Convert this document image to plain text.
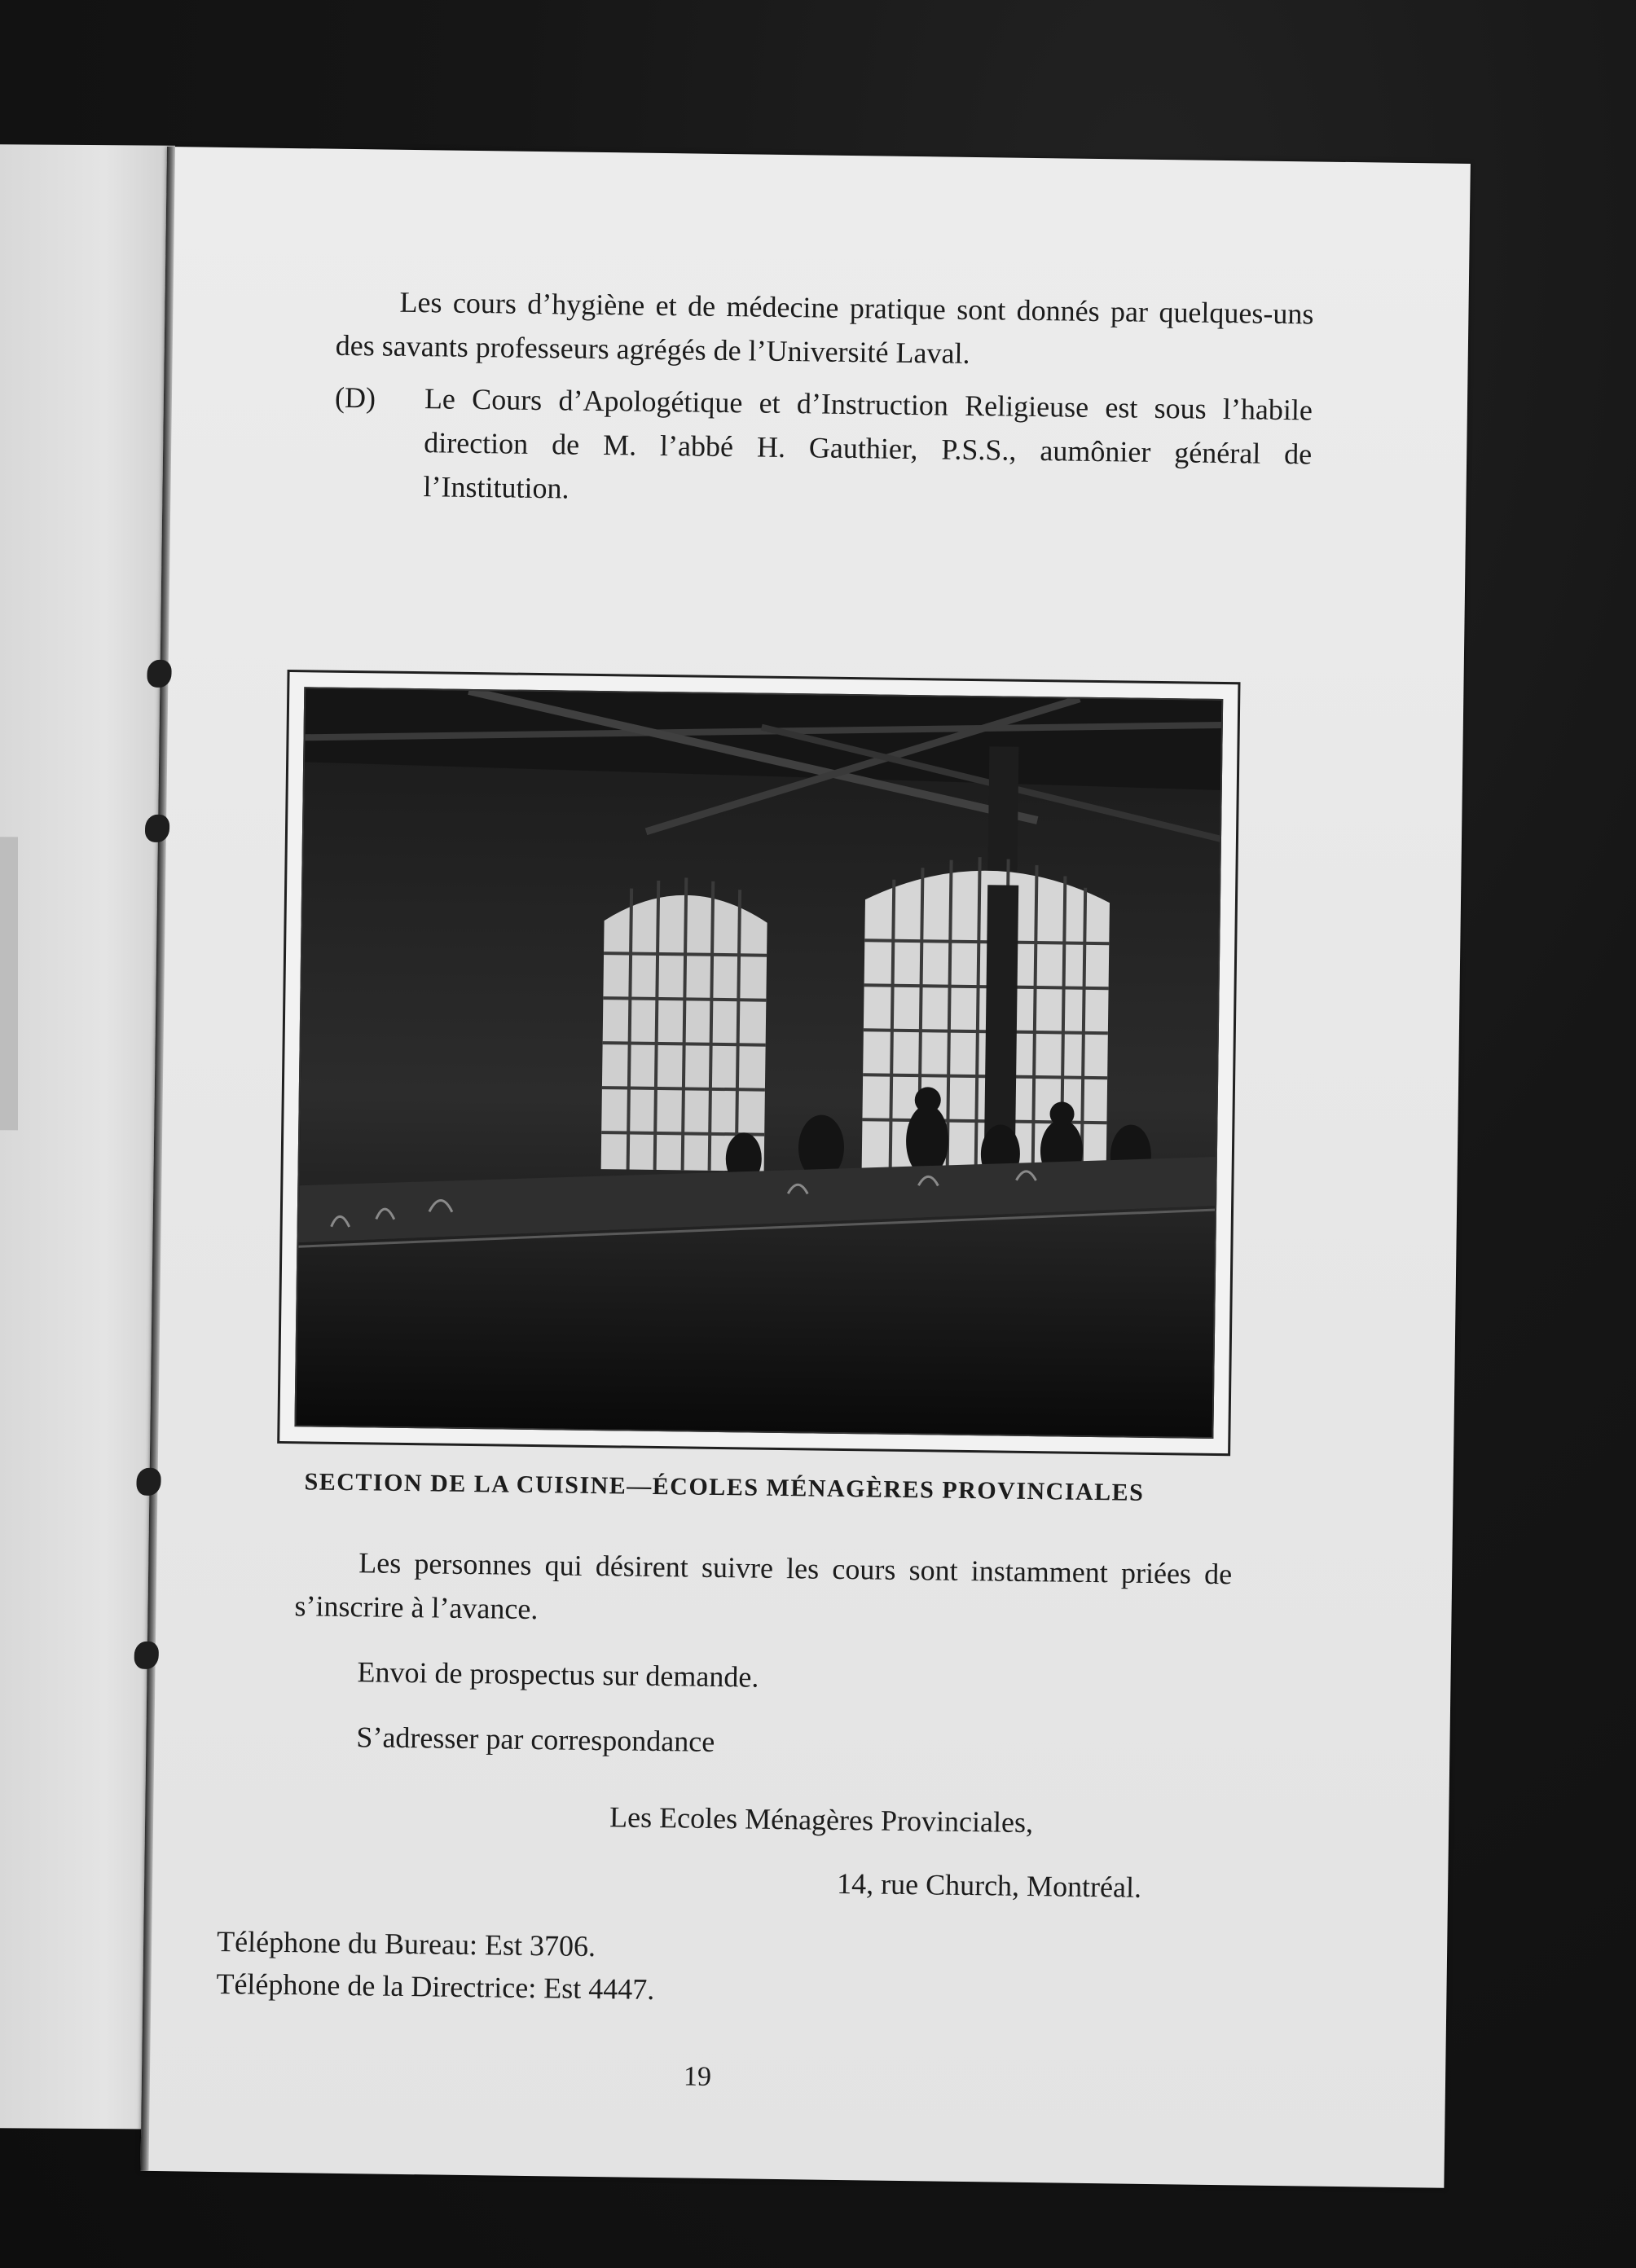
Les cours d’hygiène et de médecine pratique sont donnés par quelques-uns des savants professeurs agrégés de l’Université Laval.

(D) Le Cours d’Apologétique et d’Instruction Religieuse est sous l’habile direction de M. l’abbé H. Gauthier, P.S.S., aumônier général de l’Institution.

SECTION DE LA CUISINE—ÉCOLES MÉNAGÈRES PROVINCIALES

Les personnes qui désirent suivre les cours sont instamment priées de s’inscrire à l’avance.

Envoi de prospectus sur demande.

S’adresser par correspondance

Les Ecoles Ménagères Provinciales,

14, rue Church, Montréal.

Téléphone du Bureau: Est 3706.

Téléphone de la Directrice: Est 4447.

19
